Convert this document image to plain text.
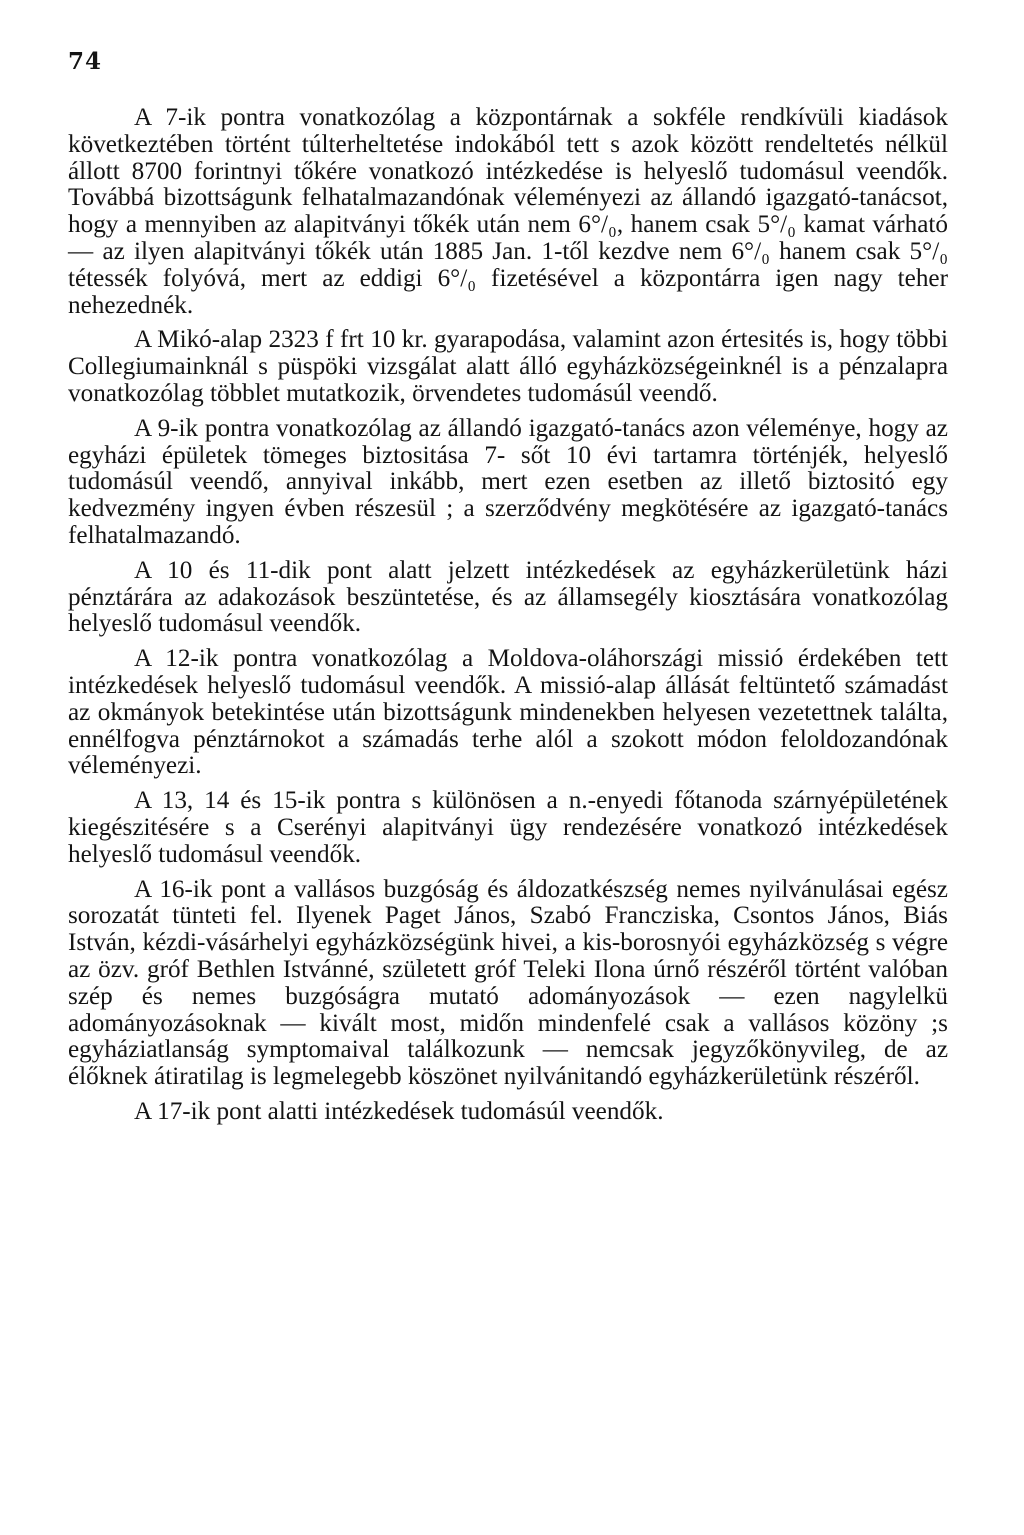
74

A 7-ik pontra vonatkozólag a központárnak a sokféle rendkívüli kiadások következtében történt túlterheltetése indokából tett s azok között rendeltetés nélkül állott 8700 forintnyi tőkére vonatkozó intézkedése is helyeslő tudomásul veendők. Továbbá bizottságunk felhatalmazandónak véleményezi az állandó igazgató-tanácsot, hogy a mennyiben az alapitványi tőkék után nem 6°/₀, hanem csak 5°/₀ kamat várható — az ilyen alapitványi tőkék után 1885 Jan. 1-től kezdve nem 6°/₀ hanem csak 5°/₀ tétessék folyóvá, mert az eddigi 6°/₀ fizetésével a központárra igen nagy teher nehezednék.

A Mikó-alap 2323 f frt 10 kr. gyarapodása, valamint azon értesités is, hogy többi Collegiumainknál s püspöki vizsgálat alatt álló egyházközségeinknél is a pénzalapra vonatkozólag többlet mutatkozik, örvendetes tudomásúl veendő.

A 9-ik pontra vonatkozólag az állandó igazgató-tanács azon véleménye, hogy az egyházi épületek tömeges biztositása 7- sőt 10 évi tartamra történjék, helyeslő tudomásúl veendő, annyival inkább, mert ezen esetben az illető biztositó egy kedvezmény ingyen évben részesül ; a szerződvény megkötésére az igazgató-tanács felhatalmazandó.

A 10 és 11-dik pont alatt jelzett intézkedések az egyházkerületünk házi pénztárára az adakozások beszüntetése, és az államsegély kiosztására vonatkozólag helyeslő tudomásul veendők.

A 12-ik pontra vonatkozólag a Moldova-oláhországi missió érdekében tett intézkedések helyeslő tudomásul veendők. A missió-alap állását feltüntető számadást az okmányok betekintése után bizottságunk mindenekben helyesen vezetettnek találta, ennélfogva pénztárnokot a számadás terhe alól a szokott módon feloldozandónak véleményezi.

A 13, 14 és 15-ik pontra s különösen a n.-enyedi főtanoda szárnyépületének kiegészitésére s a Cserényi alapitványi ügy rendezésére vonatkozó intézkedések helyeslő tudomásul veendők.

A 16-ik pont a vallásos buzgóság és áldozatkészség nemes nyilvánulásai egész sorozatát tünteti fel. Ilyenek Paget János, Szabó Francziska, Csontos János, Biás István, kézdi-vásárhelyi egyházközségünk hivei, a kis-borosnyói egyházközség s végre az özv. gróf Bethlen Istvánné, született gróf Teleki Ilona úrnő részéről történt valóban szép és nemes buzgóságra mutató adományozások — ezen nagylelkü adományozásoknak — kivált most, midőn mindenfelé csak a vallásos közöny ;s egyháziatlanság symptomaival találkozunk — nemcsak jegyzőkönyvileg, de az élőknek átiratilag is legmelegebb köszönet nyilvánitandó egyházkerületünk részéről.

A 17-ik pont alatti intézkedések tudomásúl veendők.
